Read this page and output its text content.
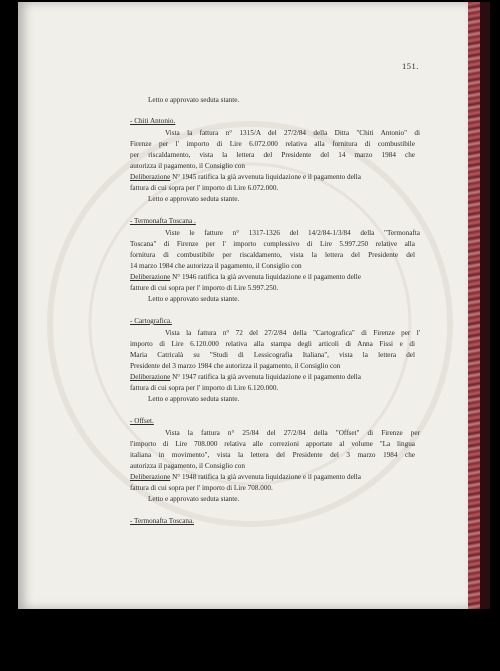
151.
Letto e approvato seduta stante.
- Chiti Antonio.
Vista la fattura n° 1315/A del 27/2/84 della Ditta "Chiti Antonio" di
Firenze per l' importo di Lire 6.072.000 relativa alla fornitura di combustibile
per riscaldamento, vista la lettera del Presidente del 14 marzo 1984 che
autorizza il pagamento, il Consiglio con
Deliberazione N° 1945 ratifica la già avvenuta liquidazione e il pagamento della
fattura di cui sopra per l' importo di Lire 6.072.000.
Letto e approvato seduta stante.
- Termonafta Toscana .
Viste le fatture n° 1317-1326 del 14/2/84-1/3/84 della "Termonafta
Toscana" di Firenze per l' importo complessivo di Lire 5.997.250 relative alla
fornitura di combustibile per riscaldamento, vista la lettera del Presidente del
14 marzo 1984 che autorizza il pagamento, il Consiglio con
Deliberazione N° 1946 ratifica la già avvenuta liquidazione e il pagamento delle
fatture di cui sopra per l' importo di Lire 5.997.250.
Letto e approvato seduta stante.
- Cartografica.
Vista la fattura n° 72 del 27/2/84 della "Cartografica" di Firenze per l'
importo di Lire 6.120.000 relativa alla stampa degli articoli di Anna Fissi e di
Maria Catricalà su "Studi di Lessicografia Italiana", vista la lettera del
Presidente del 3 marzo 1984 che autorizza il pagamento, il Consiglio con
Deliberazione N° 1947 ratifica la già avvenuta liquidazione e il pagamento della
fattura di cui sopra per l' importo di Lire 6.120.000.
Letto e approvato seduta stante.
- Offset.
Vista la fattura n° 25/84 del 27/2/84 della "Offset" di Firenze per
l'importo di Lire 708.000 relativa alle correzioni apportate al volume "La lingua
italiana in movimento", vista la lettera del Presidente del 3 marzo 1984 che
autorizza il pagamento, il Consiglio con
Deliberazione N° 1948 ratifica la già avvenuta liquidazione e il pagamento della
fattura di cui sopra per l' importo di Lire 708.000.
Letto e approvato seduta stante.
- Termonafta Toscana.
